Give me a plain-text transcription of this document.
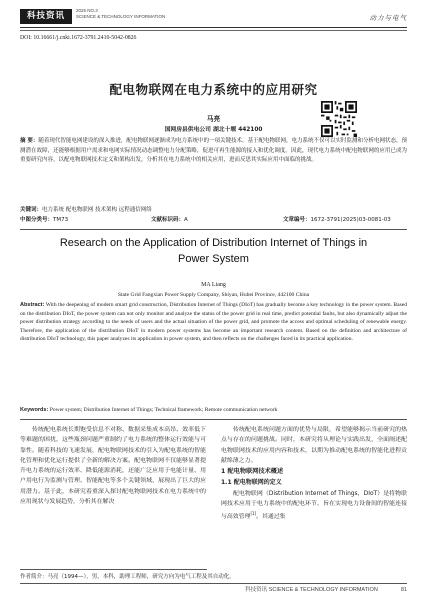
科技资讯
2025 NO.3
SCIENCE & TECHNOLOGY INFORMATION	动力与电气
DOI: 10.16661/j.cnki.1672-3791.2410-5042-0826
配电物联网在电力系统中的应用研究
马亮
国网房县供电公司 湖北十堰 442100
摘 要：随着现代智能电网建设的深入推进，配电物联网逐渐成为电力系统中的一项关键技术。基于配电物联网，电力系统不仅可以实时监测和分析电网状态，预测潜在故障，还能够根据用户需求和电网实际情况动态调整电力分配策略，促进可再生能源的接入和优化调度。因此，现代电力系统中配电物联网的应用已成为重要研究内容。以配电物联网技术定义和架构出发，分析其在电力系统中的相关应用，进而反思其实际应用中面临的挑战。
关键词：电力系统 配电物联网 技术架构 远程通信网络
中图分类号：TM73	文献标识码：A	文章编号：1672-3791(2025)03-0081-03
Research on the Application of Distribution Internet of Things in
Power System
MA Liang
State Grid Fangxian Power Supply Company, Shiyan, Hubei Province, 442100 China
Abstract: With the deepening of modern smart grid construction, Distribution Internet of Things (DIoT) has gradually become a key technology in the power system. Based on the distribution DIoT, the power system can not only monitor and analyze the status of the power grid in real time, predict potential faults, but also dynamically adjust the power distribution strategy according to the needs of users and the actual situation of the power grid, and promote the access and optimal scheduling of renewable energy. Therefore, the application of the distribution DIoT in modern power systems has become an important research content. Based on the definition and architecture of distribution DIoT technology, this paper analyzes its application in power system, and then reflects on the challenges faced in its practical application.
Keywords: Power system; Distribution Internet of Things; Technical framework; Remote communication network

传统配电系统长期饱受信息不对称、数据采集成本高昂、效率低下等难题的困扰，这些瓶颈问题严重制约了电力系统的整体运行效能与可靠性。随着科技的飞速发展，配电物联网技术的引入为配电系统的智能化管理和优化运行提供了全新的解决方案。配电物联网不仅能够显著提升电力系统的运行效率、降低能源消耗，还能广泛应用于电能计量、用户用电行为监测与管理、智能配电等多个关键领域，展现出了巨大的应用潜力。基于此，本研究着重深入探讨配电物联网技术在电力系统中的应用现状与发展趋势，分析其在解决

传统配电系统问题方面的优势与局限，希望能够揭示当前研究的热点与存在的问题挑战。同时，本研究将从理论与实践出发，全面阐述配电物联网技术的应用内容和技术，以期为推动配电系统的智能化进程贡献绵薄之力。

1 配电物联网技术概述

1.1 配电物联网的定义

配电物联网（Distribution Internet of Things，DIoT）是将物联网技术应用于电力系统中的配电环节，旨在实现电力设备间的智能连接与高效管理[1]。其通过集

作者简介：马亮（1994—），男，本科，助理工程师，研究方向为电气工程及其自动化。
科技资讯 SCIENCE & TECHNOLOGY INFORMATION	81
